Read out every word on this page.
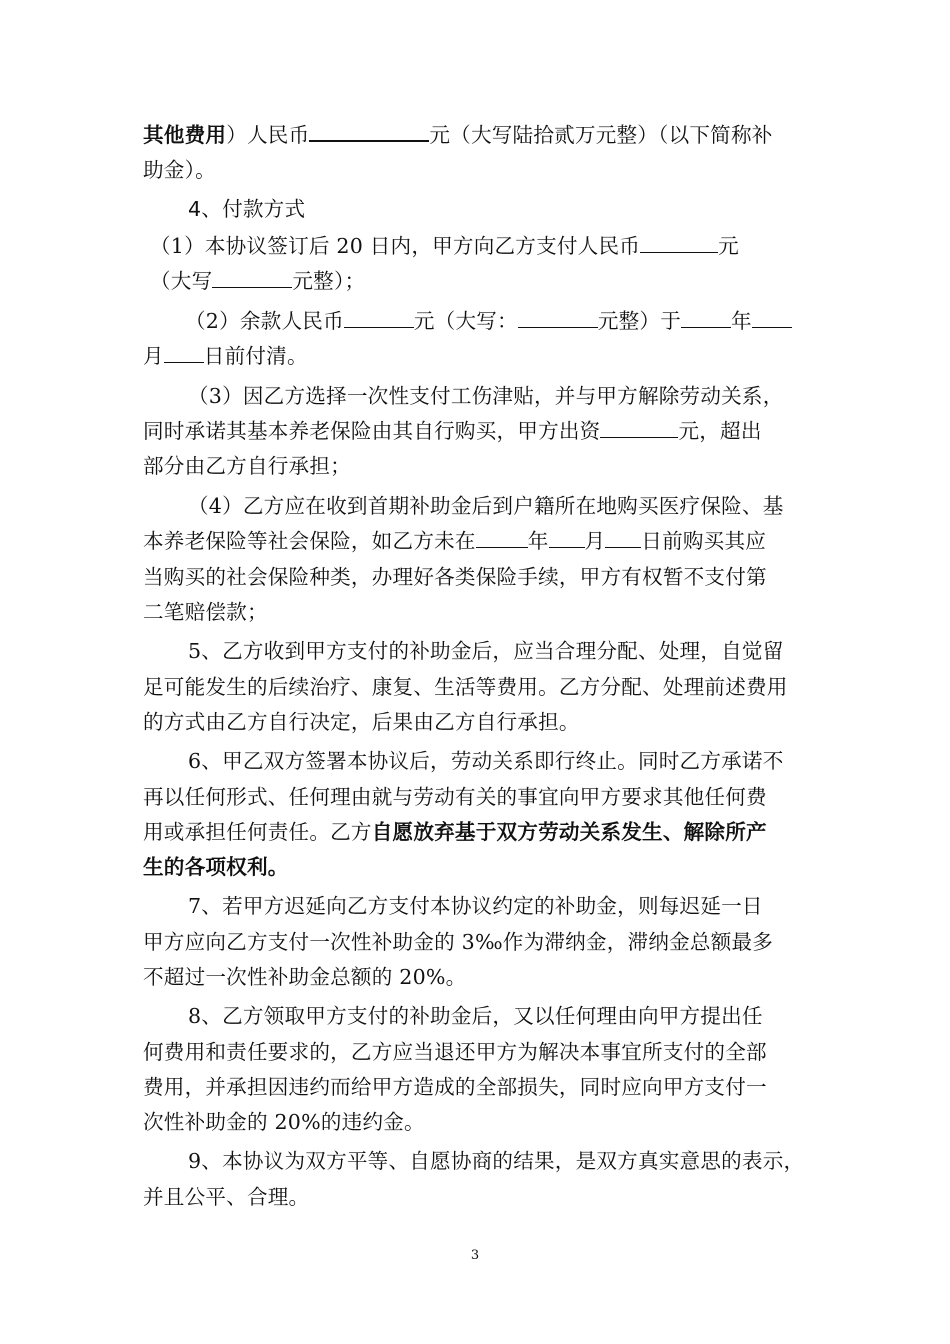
其他费用）人民币	元（大写陆拾贰万元整）（以下简称补
助金）。
4、付款方式
（1）本协议签订后 20 日内，甲方向乙方支付人民币	元
（大写	元整）；
（2）余款人民币	元（大写：	元整）于 年
月 日前付清。
（3）因乙方选择一次性支付工伤津贴，并与甲方解除劳动关系，
同时承诺其基本养老保险由其自行购买，甲方出资	元，超出
部分由乙方自行承担；
（4）乙方应在收到首期补助金后到户籍所在地购买医疗保险、基
本养老保险等社会保险，如乙方未在	年 月 日前购买其应
当购买的社会保险种类，办理好各类保险手续，甲方有权暂不支付第
二笔赔偿款；
5、乙方收到甲方支付的补助金后，应当合理分配、处理，自觉留
足可能发生的后续治疗、康复、生活等费用。乙方分配、处理前述费用
的方式由乙方自行决定，后果由乙方自行承担。
6、甲乙双方签署本协议后，劳动关系即行终止。同时乙方承诺不
再以任何形式、任何理由就与劳动有关的事宜向甲方要求其他任何费
用或承担任何责任。乙方自愿放弃基于双方劳动关系发生、解除所产
生的各项权利。
7、若甲方迟延向乙方支付本协议约定的补助金，则每迟延一日
甲方应向乙方支付一次性补助金的 3‰作为滞纳金，滞纳金总额最多
不超过一次性补助金总额的 20%。
8、乙方领取甲方支付的补助金后，又以任何理由向甲方提出任
何费用和责任要求的，乙方应当退还甲方为解决本事宜所支付的全部
费用，并承担因违约而给甲方造成的全部损失，同时应向甲方支付一
次性补助金的 20%的违约金。
9、本协议为双方平等、自愿协商的结果，是双方真实意思的表示，
并且公平、合理。
3
